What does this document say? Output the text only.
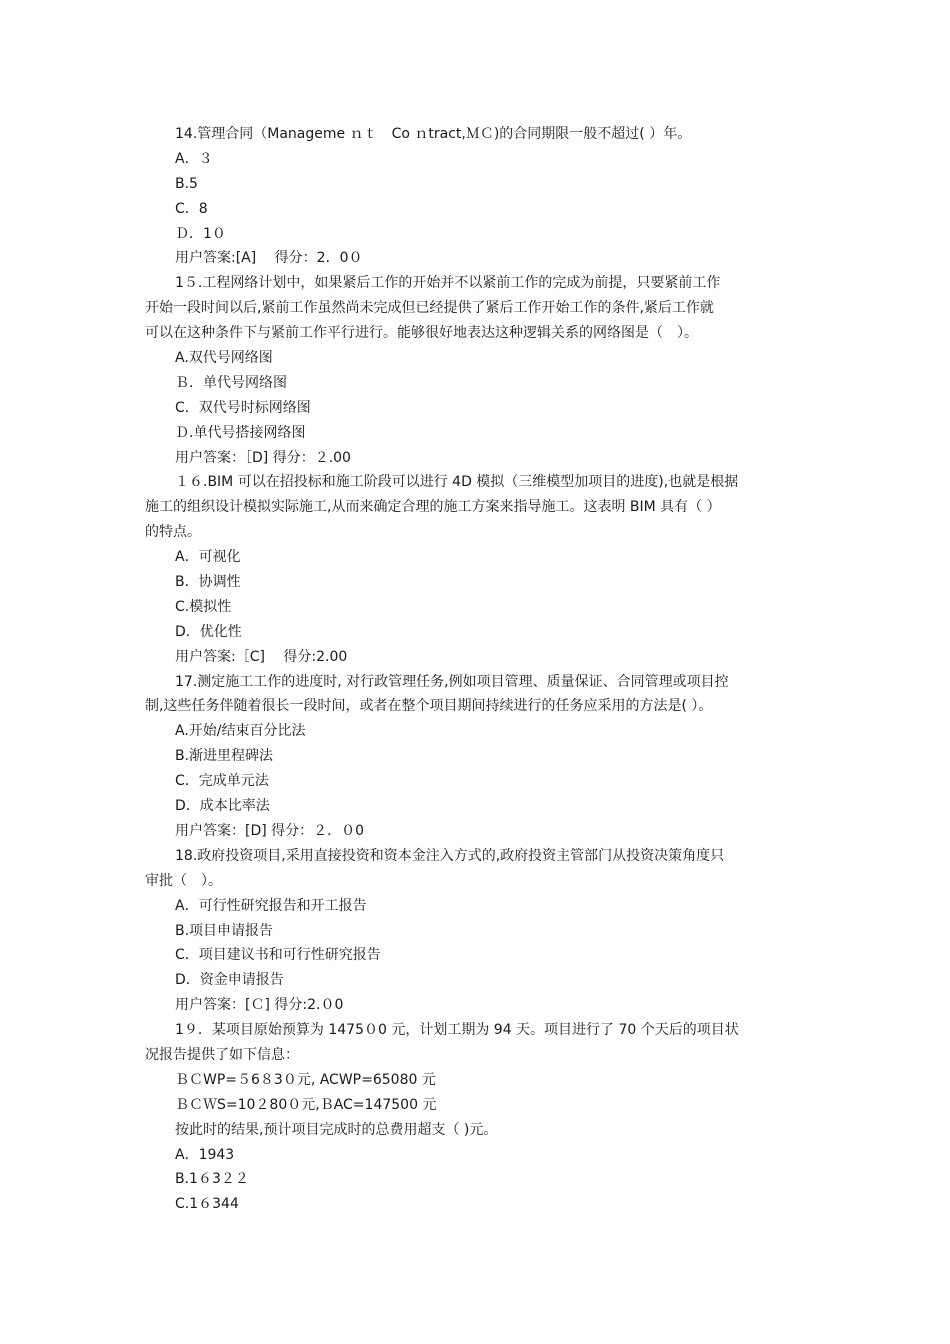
14.管理合同（Manageme ｎｔ　Co ｎtract,ＭＣ)的合同期限一般不超过( ）年。
A．３
B.5
C．8
Ｄ．1０
用户答案:[A]　 得分：2．0０
1５.工程网络计划中，如果紧后工作的开始并不以紧前工作的完成为前提，只要紧前工作
开始一段时间以后,紧前工作虽然尚未完成但已经提供了紧后工作开始工作的条件,紧后工作就
可以在这种条件下与紧前工作平行进行。能够很好地表达这种逻辑关系的网络图是（　）。
A.双代号网络图
Ｂ．单代号网络图
C．双代号时标网络图
Ｄ.单代号搭接网络图
用户答案：［D] 得分：２.00
１６.BIM 可以在招投标和施工阶段可以进行 4D 模拟（三维模型加项目的进度),也就是根据
施工的组织设计模拟实际施工,从而来确定合理的施工方案来指导施工。这表明 BIM 具有（ ）
的特点。
A．可视化
B．协调性
C.模拟性
D．优化性
用户答案:［C]　 得分:2.00
17.测定施工工作的进度时, 对行政管理任务,例如项目管理、质量保证、合同管理或项目控
制,这些任务伴随着很长一段时间，或者在整个项目期间持续进行的任务应采用的方法是( ）。
A.开始/结束百分比法
B.渐进里程碑法
C．完成单元法
D．成本比率法
用户答案：[D] 得分：２．０0
18.政府投资项目,采用直接投资和资本金注入方式的,政府投资主管部门从投资决策角度只
审批（　）。
A．可行性研究报告和开工报告
B.项目申请报告
C．项目建议书和可行性研究报告
D．资金申请报告
用户答案：[Ｃ] 得分:2.０0
1９．某项目原始预算为 1475０0 元，计划工期为 94 天。项目进行了 70 个天后的项目状
况报告提供了如下信息：
ＢＣWP=５6８3０元, ACWP=65080 元
ＢＣＷS=10２80０元,ＢAC=147500 元
按此时的结果,预计项目完成时的总费用超支（ )元。
A．1943
B.1６3２２
C.1６344
